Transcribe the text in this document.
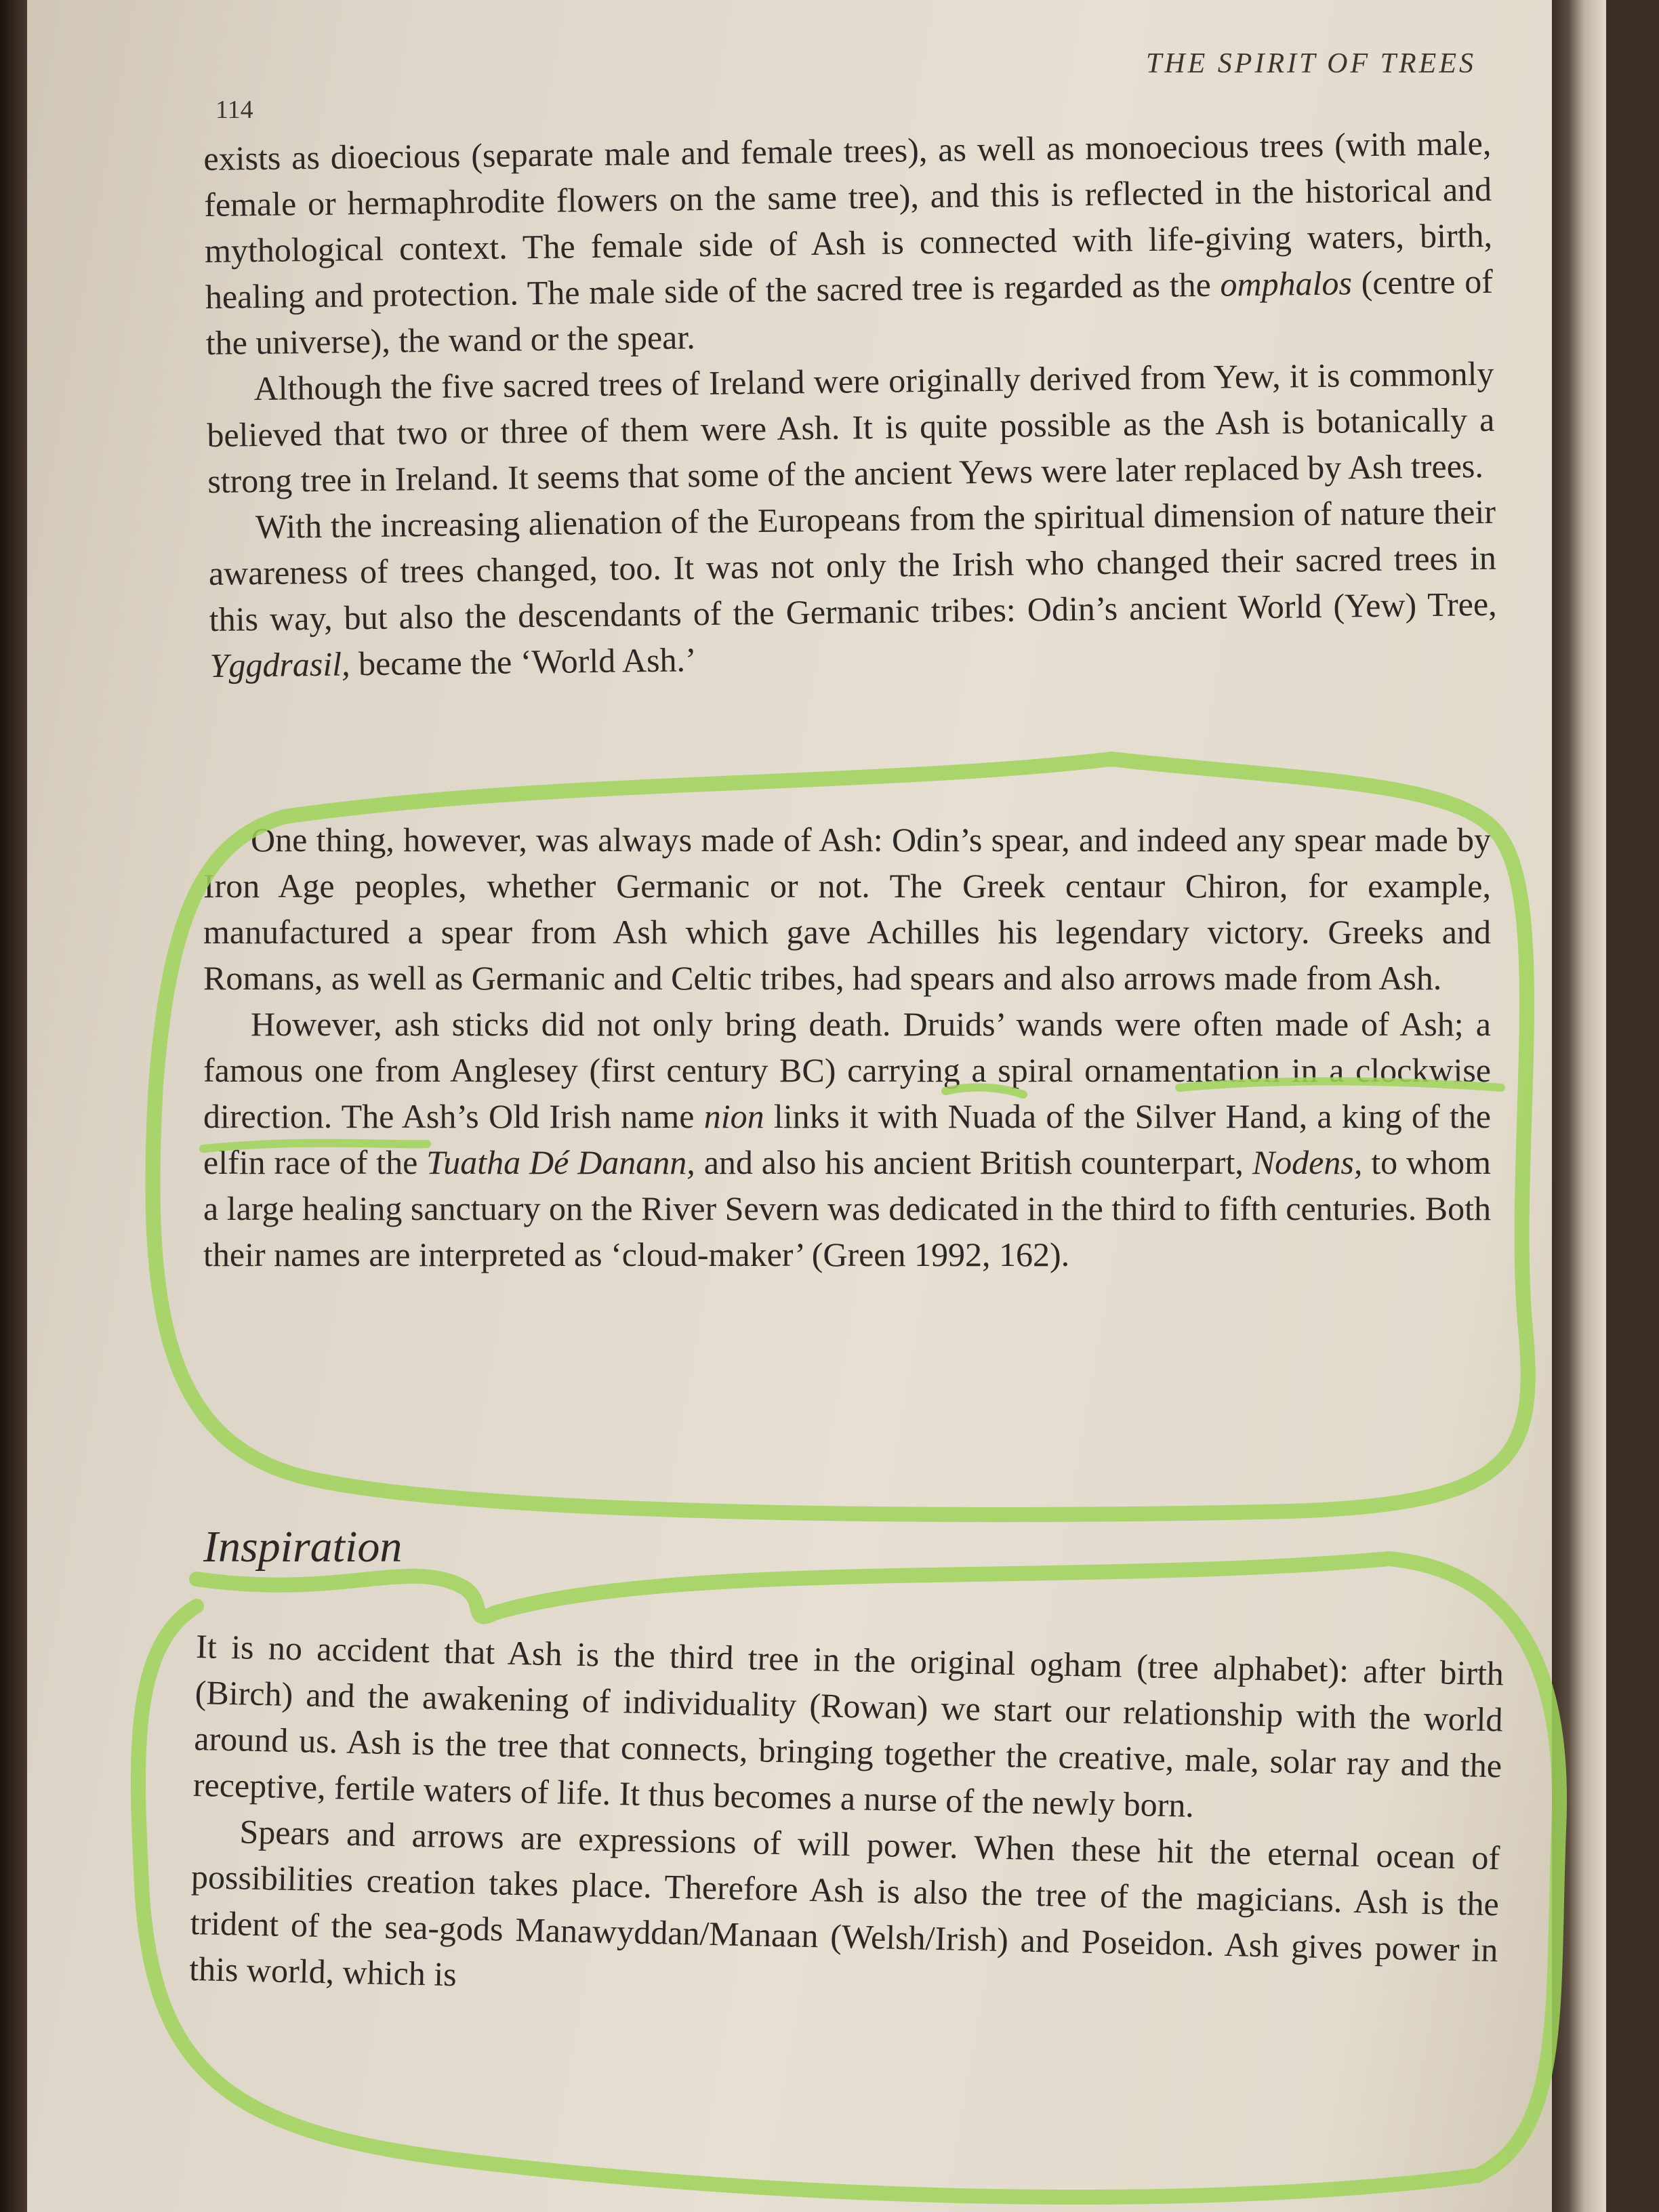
THE SPIRIT OF TREES
114

exists as dioecious (separate male and female trees), as well as monoecious trees (with male, female or hermaphrodite flowers on the same tree), and this is reflected in the historical and mythological context. The female side of Ash is connected with life-giving waters, birth, healing and protection. The male side of the sacred tree is regarded as the omphalos (centre of the universe), the wand or the spear.

Although the five sacred trees of Ireland were originally derived from Yew, it is commonly believed that two or three of them were Ash. It is quite possible as the Ash is botanically a strong tree in Ireland. It seems that some of the ancient Yews were later replaced by Ash trees.

With the increasing alienation of the Europeans from the spiritual dimension of nature their awareness of trees changed, too. It was not only the Irish who changed their sacred trees in this way, but also the descendants of the Germanic tribes: Odin’s ancient World (Yew) Tree, Yggdrasil, became the ‘World Ash.’

One thing, however, was always made of Ash: Odin’s spear, and indeed any spear made by Iron Age peoples, whether Germanic or not. The Greek centaur Chiron, for example, manufactured a spear from Ash which gave Achilles his legendary victory. Greeks and Romans, as well as Germanic and Celtic tribes, had spears and also arrows made from Ash.

However, ash sticks did not only bring death. Druids’ wands were often made of Ash; a famous one from Anglesey (first century BC) carrying a spiral ornamentation in a clockwise direction. The Ash’s Old Irish name nion links it with Nuada of the Silver Hand, a king of the elfin race of the Tuatha Dé Danann, and also his ancient British counterpart, Nodens, to whom a large healing sanctuary on the River Severn was dedicated in the third to fifth centuries. Both their names are interpreted as ‘cloud-maker’ (Green 1992, 162).

Inspiration

It is no accident that Ash is the third tree in the original ogham (tree alphabet): after birth (Birch) and the awakening of individuality (Rowan) we start our relationship with the world around us. Ash is the tree that connects, bringing together the creative, male, solar ray and the receptive, fertile waters of life. It thus becomes a nurse of the newly born.

Spears and arrows are expressions of will power. When these hit the eternal ocean of possibilities creation takes place. Therefore Ash is also the tree of the magicians. Ash is the trident of the sea-gods Manawyddan/Manaan (Welsh/Irish) and Poseidon. Ash gives power in this world, which is
